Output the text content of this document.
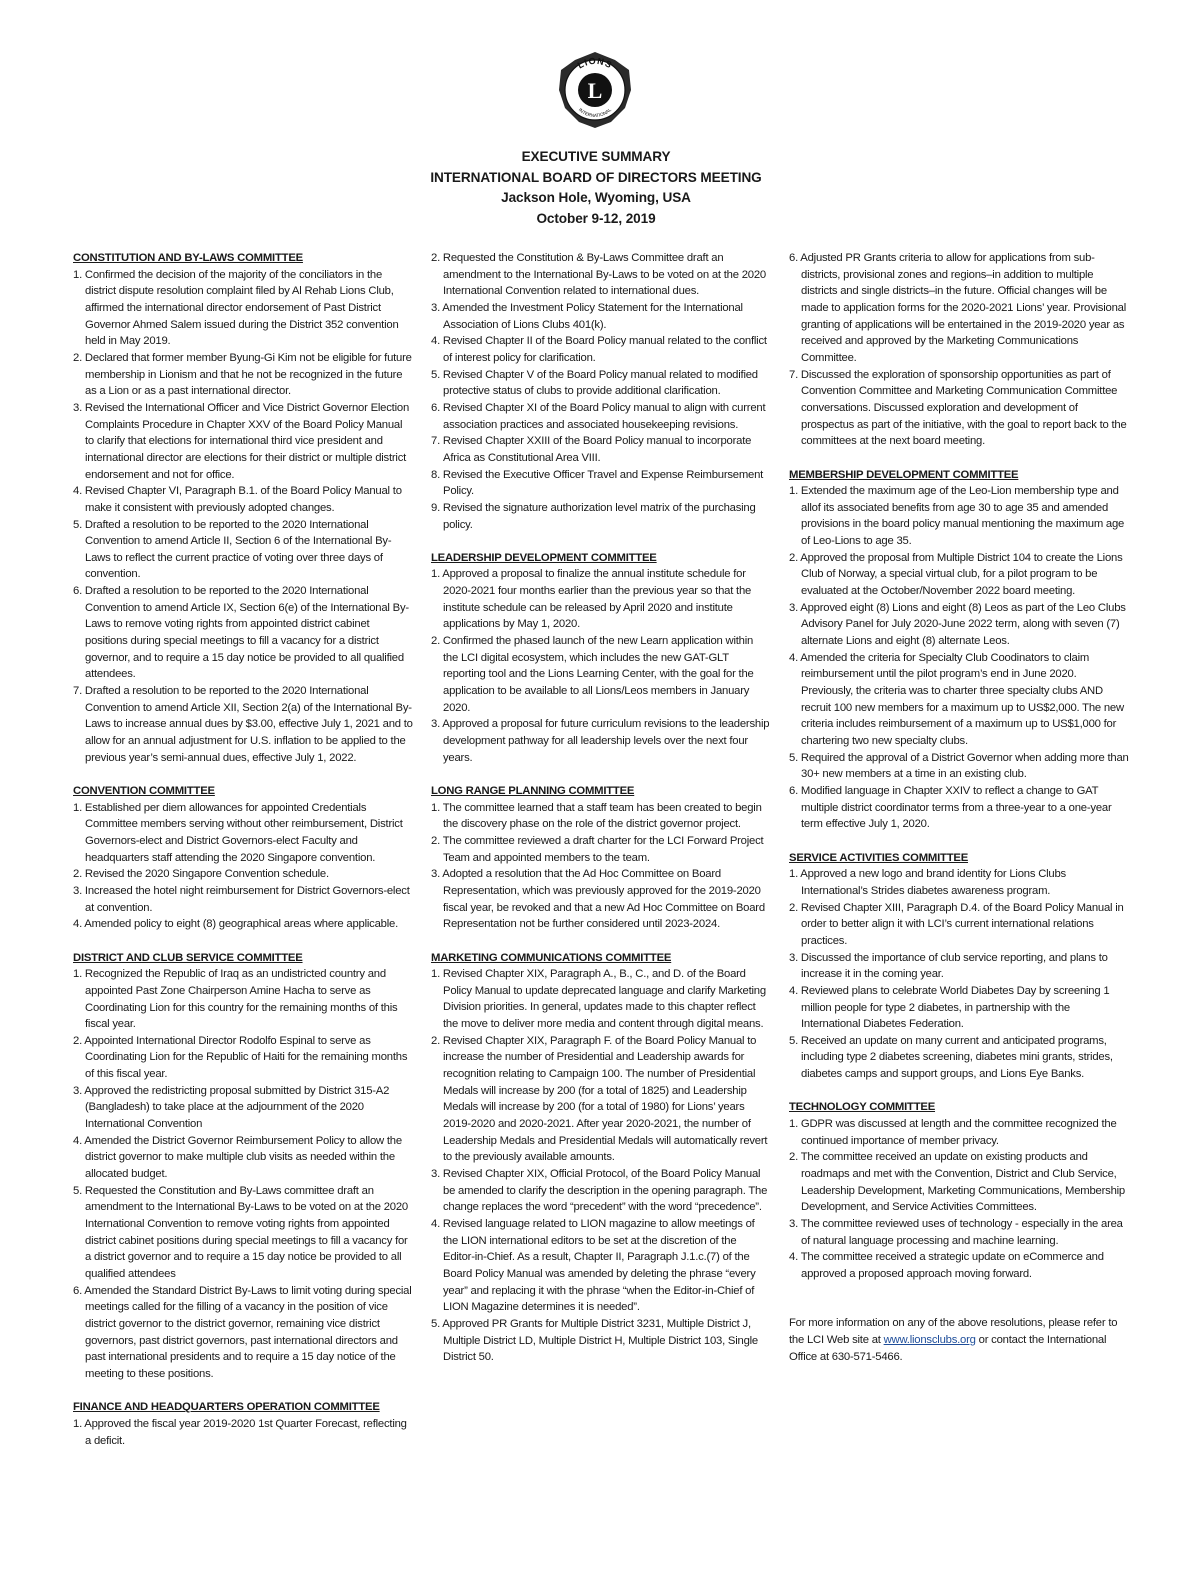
L
LIONS
INTERNATIONAL
EXECUTIVE SUMMARY
INTERNATIONAL BOARD OF DIRECTORS MEETING
Jackson Hole, Wyoming, USA
October 9-12, 2019
CONSTITUTION AND BY-LAWS COMMITTEE
1. Confirmed the decision of the majority of the conciliators in the district dispute resolution complaint filed by Al Rehab Lions Club, affirmed the international director endorsement of Past District Governor Ahmed Salem issued during the District 352 convention held in May 2019.
2. Declared that former member Byung-Gi Kim not be eligible for future membership in Lionism and that he not be recognized in the future as a Lion or as a past international director.
3. Revised the International Officer and Vice District Governor Election Complaints Procedure in Chapter XXV of the Board Policy Manual to clarify that elections for international third vice president and international director are elections for their district or multiple district endorsement and not for office.
4. Revised Chapter VI, Paragraph B.1. of the Board Policy Manual to make it consistent with previously adopted changes.
5. Drafted a resolution to be reported to the 2020 International Convention to amend Article II, Section 6 of the International By-Laws to reflect the current practice of voting over three days of convention.
6. Drafted a resolution to be reported to the 2020 International Convention to amend Article IX, Section 6(e) of the International By-Laws to remove voting rights from appointed district cabinet positions during special meetings to fill a vacancy for a district governor, and to require a 15 day notice be provided to all qualified attendees.
7. Drafted a resolution to be reported to the 2020 International Convention to amend Article XII, Section 2(a) of the International By-Laws to increase annual dues by $3.00, effective July 1, 2021 and to allow for an annual adjustment for U.S. inflation to be applied to the previous year’s semi-annual dues, effective July 1, 2022.
CONVENTION COMMITTEE
1. Established per diem allowances for appointed Credentials Committee members serving without other reimbursement, District Governors-elect and District Governors-elect Faculty and headquarters staff attending the 2020 Singapore convention.
2. Revised the 2020 Singapore Convention schedule.
3. Increased the hotel night reimbursement for District Governors-elect at convention.
4. Amended policy to eight (8) geographical areas where applicable.
DISTRICT AND CLUB SERVICE COMMITTEE
1. Recognized the Republic of Iraq as an undistricted country and appointed Past Zone Chairperson Amine Hacha to serve as Coordinating Lion for this country for the remaining months of this fiscal year.
2. Appointed International Director Rodolfo Espinal to serve as Coordinating Lion for the Republic of Haiti for the remaining months of this fiscal year.
3. Approved the redistricting proposal submitted by District 315-A2 (Bangladesh) to take place at the adjournment of the 2020 International Convention
4. Amended the District Governor Reimbursement Policy to allow the district governor to make multiple club visits as needed within the allocated budget.
5. Requested the Constitution and By-Laws committee draft an amendment to the International By-Laws to be voted on at the 2020 International Convention to remove voting rights from appointed district cabinet positions during special meetings to fill a vacancy for a district governor and to require a 15 day notice be provided to all qualified attendees
6. Amended the Standard District By-Laws to limit voting during special meetings called for the filling of a vacancy in the position of vice district governor to the district governor, remaining vice district governors, past district governors, past international directors and past international presidents and to require a 15 day notice of the meeting to these positions.
FINANCE AND HEADQUARTERS OPERATION COMMITTEE
1. Approved the fiscal year 2019-2020 1st Quarter Forecast, reflecting a deficit.
2. Requested the Constitution & By-Laws Committee draft an amendment to the International By-Laws to be voted on at the 2020 International Convention related to international dues.
3. Amended the Investment Policy Statement for the International Association of Lions Clubs 401(k).
4. Revised Chapter II of the Board Policy manual related to the conflict of interest policy for clarification.
5. Revised Chapter V of the Board Policy manual related to modified protective status of clubs to provide additional clarification.
6. Revised Chapter XI of the Board Policy manual to align with current association practices and associated housekeeping revisions.
7. Revised Chapter XXIII of the Board Policy manual to incorporate Africa as Constitutional Area VIII.
8. Revised the Executive Officer Travel and Expense Reimbursement Policy.
9. Revised the signature authorization level matrix of the purchasing policy.
LEADERSHIP DEVELOPMENT COMMITTEE
1. Approved a proposal to finalize the annual institute schedule for 2020-2021 four months earlier than the previous year so that the institute schedule can be released by April 2020 and institute applications by May 1, 2020.
2. Confirmed the phased launch of the new Learn application within the LCI digital ecosystem, which includes the new GAT-GLT reporting tool and the Lions Learning Center, with the goal for the application to be available to all Lions/Leos members in January 2020.
3. Approved a proposal for future curriculum revisions to the leadership development pathway for all leadership levels over the next four years.
LONG RANGE PLANNING COMMITTEE
1. The committee learned that a staff team has been created to begin the discovery phase on the role of the district governor project.
2. The committee reviewed a draft charter for the LCI Forward Project Team and appointed members to the team.
3. Adopted a resolution that the Ad Hoc Committee on Board Representation, which was previously approved for the 2019-2020 fiscal year, be revoked and that a new Ad Hoc Committee on Board Representation not be further considered until 2023-2024.
MARKETING COMMUNICATIONS COMMITTEE
1. Revised Chapter XIX, Paragraph A., B., C., and D. of the Board Policy Manual to update deprecated language and clarify Marketing Division priorities. In general, updates made to this chapter reflect the move to deliver more media and content through digital means.
2. Revised Chapter XIX, Paragraph F. of the Board Policy Manual to increase the number of Presidential and Leadership awards for recognition relating to Campaign 100. The number of Presidential Medals will increase by 200 (for a total of 1825) and Leadership Medals will increase by 200 (for a total of 1980) for Lions’ years 2019-2020 and 2020-2021. After year 2020-2021, the number of Leadership Medals and Presidential Medals will automatically revert to the previously available amounts.
3. Revised Chapter XIX, Official Protocol, of the Board Policy Manual be amended to clarify the description in the opening paragraph. The change replaces the word “precedent” with the word “precedence”.
4. Revised language related to LION magazine to allow meetings of the LION international editors to be set at the discretion of the Editor-in-Chief. As a result, Chapter II, Paragraph J.1.c.(7) of the Board Policy Manual was amended by deleting the phrase “every year” and replacing it with the phrase “when the Editor-in-Chief of LION Magazine determines it is needed”.
5. Approved PR Grants for Multiple District 3231, Multiple District J, Multiple District LD, Multiple District H, Multiple District 103, Single District 50.
6. Adjusted PR Grants criteria to allow for applications from sub-districts, provisional zones and regions–in addition to multiple districts and single districts–in the future. Official changes will be made to application forms for the 2020-2021 Lions’ year. Provisional granting of applications will be entertained in the 2019-2020 year as received and approved by the Marketing Communications Committee.
7. Discussed the exploration of sponsorship opportunities as part of Convention Committee and Marketing Communication Committee conversations. Discussed exploration and development of prospectus as part of the initiative, with the goal to report back to the committees at the next board meeting.
MEMBERSHIP DEVELOPMENT COMMITTEE
1. Extended the maximum age of the Leo-Lion membership type and allof its associated benefits from age 30 to age 35 and amended provisions in the board policy manual mentioning the maximum age of Leo-Lions to age 35.
2. Approved the proposal from Multiple District 104 to create the Lions Club of Norway, a special virtual club, for a pilot program to be evaluated at the October/November 2022 board meeting.
3. Approved eight (8) Lions and eight (8) Leos as part of the Leo Clubs Advisory Panel for July 2020-June 2022 term, along with seven (7) alternate Lions and eight (8) alternate Leos.
4. Amended the criteria for Specialty Club Coodinators to claim reimbursement until the pilot program’s end in June 2020. Previously, the criteria was to charter three specialty clubs AND recruit 100 new members for a maximum up to US$2,000. The new criteria includes reimbursement of a maximum up to US$1,000 for chartering two new specialty clubs.
5. Required the approval of a District Governor when adding more than 30+ new members at a time in an existing club.
6. Modified language in Chapter XXIV to reflect a change to GAT multiple district coordinator terms from a three-year to a one-year term effective July 1, 2020.
SERVICE ACTIVITIES COMMITTEE
1. Approved a new logo and brand identity for Lions Clubs International’s Strides diabetes awareness program.
2. Revised Chapter XIII, Paragraph D.4. of the Board Policy Manual in order to better align it with LCI’s current international relations practices.
3. Discussed the importance of club service reporting, and plans to increase it in the coming year.
4. Reviewed plans to celebrate World Diabetes Day by screening 1 million people for type 2 diabetes, in partnership with the International Diabetes Federation.
5. Received an update on many current and anticipated programs, including type 2 diabetes screening, diabetes mini grants, strides, diabetes camps and support groups, and Lions Eye Banks.
TECHNOLOGY COMMITTEE
1. GDPR was discussed at length and the committee recognized the continued importance of member privacy.
2. The committee received an update on existing products and roadmaps and met with the Convention, District and Club Service, Leadership Development, Marketing Communications, Membership Development, and Service Activities Committees.
3. The committee reviewed uses of technology - especially in the area of natural language processing and machine learning.
4. The committee received a strategic update on eCommerce and approved a proposed approach moving forward.
For more information on any of the above resolutions, please refer to the LCI Web site at www.lionsclubs.org or contact the International Office at 630-571-5466.
